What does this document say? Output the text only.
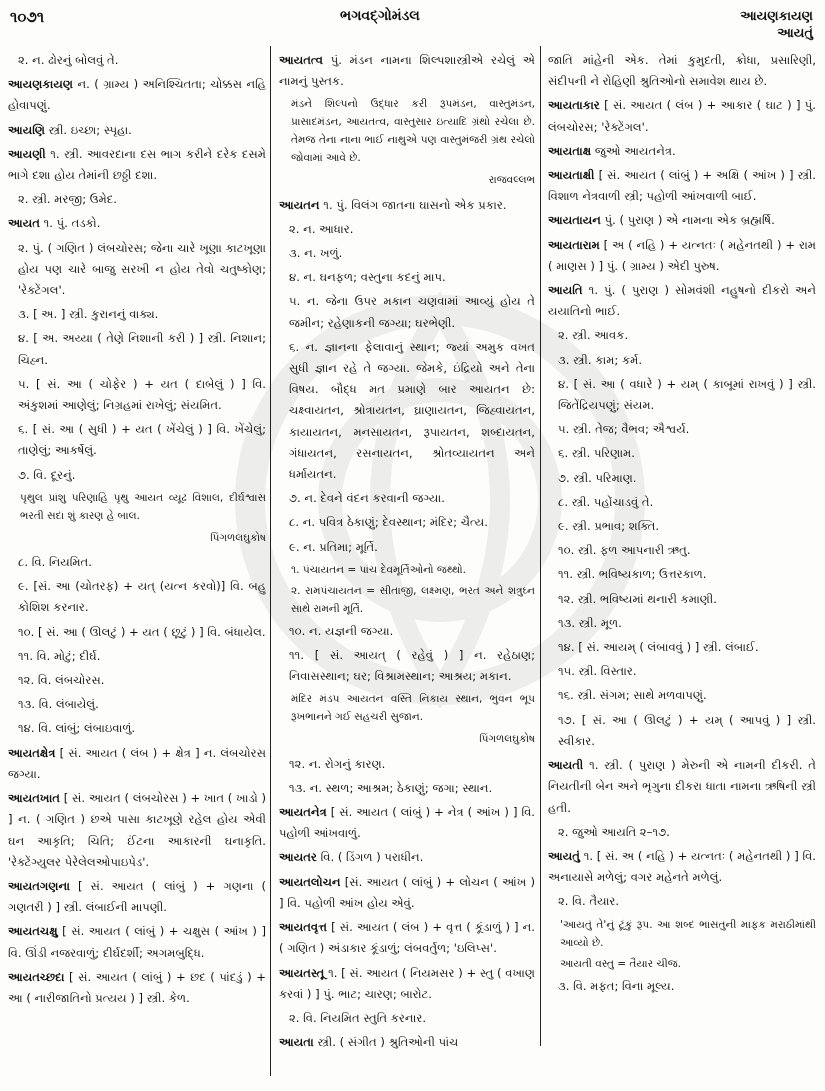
૧૦૭૧	ભગવદ્ગોમંડલ	આયણકાયણ
આયતું
૨. ન. ઢોરનું બોલવું તે.
આયણકાયણ ન. ( ગ્રામ્ય ) અનિશ્ચિતતા; ચોક્કસ નહિ હોવાપણું.
આયણિ સ્ત્રી. ઇચ્છા; સ્પૃહા.
આયણી ૧. સ્ત્રી. આવરદાના દસ ભાગ કરીને દરેક દસમે ભાગે દશા હોય તેમાંની છઠ્ઠી દશા.
૨. સ્ત્રી. મરજી; ઉમેદ.
આયત ૧. પું. તડકો.
૨. પું. ( ગણિત ) લંબચોરસ; જેના ચારે ખૂણા કાટખૂણા હોય પણ ચારે બાજુ સરખી ન હોય તેવો ચતુષ્કોણ; 'રેક્ટેંગલ'.
૩. [ અ. ] સ્ત્રી. કુરાનનું વાક્ય.
૪. [ અ. અય્યા ( તેણે નિશાની કરી ) ] સ્ત્રી. નિશાન; ચિહ્ન.
૫. [ સં. આ ( ચોફેર ) + યત ( દાબેલું ) ] વિ. અંકુશમાં આણેલું; નિગ્રહમાં રાખેલું; સંયમિત.
૬. [ સં. આ ( સુધી ) + યત ( ખેંચેલું ) ] વિ. ખેંચેલું; તાણેલું; આકર્ષેલું.
૭. વિ. દૂરનું.
પૃથુલ પ્રાંશુ પરિણાહિ પૃથુ આયત વ્યૂઢ વિશાલ, દીર્ઘશ્વાસ ભરતી સદા શું કારણ હે બાલ.
પિંગળલઘુકોષ
૮. વિ. નિયમિત.
૯. [સં. આ (ચોતરફ) + યત્ (યત્ન કરવો)] વિ. બહુ કોશિશ કરનાર.
૧૦. [ સં. આ ( ઊલટું ) + યત ( છૂટું ) ] વિ. બંધાયેલ.
૧૧. વિ. મોટું; દીર્ઘ.
૧૨. વિ. લંબચોરસ.
૧૩. વિ. લંબાયેલું.
૧૪. વિ. લાંબું; લંબાઇવાળું.
આયતક્ષેત્ર [ સં. આયત ( લંબ ) + ક્ષેત્ર ] ન. લંબચોરસ જગ્યા.
આયતખાત [ સં. આયત ( લંબચોરસ ) + ખાત ( ખાડો ) ] ન. ( ગણિત ) છએ પાસા કાટખૂણે રહેલ હોય એવી ઘન આકૃતિ; ચિતિ; ઈંટના આકારની ઘનાકૃતિ. 'રેક્ટેંગ્યુલર પેરેલેલઓપાઇપેડ'.
આયતગણના [ સં. આયત ( લાંબું ) + ગણના ( ગણતરી ) ] સ્ત્રી. લંબાઈની માપણી.
આયતચક્ષુ [ સં. આયત ( લાંબું ) + ચક્ષુસ ( આંખ ) ] વિ. ઊંડી નજરવાળું; દીર્ઘદર્શી; અગમબુદ્ધિ.
આયતચ્છદા [ સં. આયત ( લાંબું ) + છદ ( પાંદડું ) + આ ( નારીજાતિનો પ્રત્યય ) ] સ્ત્રી. કેળ.
આયતત્વ પું. મંડન નામના શિલ્પશાસ્ત્રીએ રચેલું એ નામનું પુસ્તક.
મંડને શિલ્પનો ઉદ્ધાર કરી રૂપમંડન, વાસ્તુમંડન, પ્રાસાદમંડન, આયતત્વ, વાસ્તુસાર ઇત્યાદિ ગ્રંથો રચેલા છે. તેમજ તેના નાના ભાઈ નાથુએ પણ વાસ્તુમંજરી ગ્રંથ રચેલો જોવામાં આવે છે.
રાજવલ્લભ
આયતન ૧. પું. વિલંગ જાતના ઘાસનો એક પ્રકાર.
૨. ન. આધાર.
૩. ન. ખળું.
૪. ન. ઘનફળ; વસ્તુના કદનું માપ.
૫. ન. જેના ઉપર મકાન ચણવામાં આવ્યું હોય તે જમીન; રહેણાકની જગ્યા; ઘરભેણી.
૬. ન. જ્ઞાનના ફેલાવાનું સ્થાન; જ્યાં અમુક વખત સુધી જ્ઞાન રહે તે જગ્યા. જેમકે, ઇંદ્રિયો અને તેના વિષય. બૌદ્ધ મત પ્રમાણે બાર આયતન છે: ચક્ષ્વાયતન, શ્રોત્રાયતન, ઘ્રાણાયતન, જિહ્વાયતન, કાયાયતન, મનસાયતન, રૂપાયતન, શબ્દાયતન, ગંધાયતન, રસનાયતન, શ્રોતવ્યાયતન અને ધર્માયતન.
૭. ન. દેવને વંદન કરવાની જગ્યા.
૮. ન. પવિત્ર ઠેકાણું; દેવસ્થાન; મંદિર; ચૈત્ય.
૯. ન. પ્રતિમા; મૂર્તિ.
૧. પંચાયતન = પાંચ દેવમૂર્તિઓનો જથ્થો.
૨. રામપંચાયતન = સીતાજી, લક્ષ્મણ, ભરત અને શત્રુઘ્ન સાથે રામની મૂર્તિ.
૧૦. ન. યજ્ઞની જગ્યા.
૧૧. [ સં. આયત્ ( રહેવું ) ] ન. રહેઠાણ; નિવાસસ્થાન; ઘર; વિશ્રામસ્થાન; આશ્રય; મકાન.
મંદિર મંડપ આયતન વસ્તિ નિકાય સ્થાન, ભુવન ભૂપ રૂખભાનને ગઈ સહચરી સુજાન.
પિંગળલઘુકોષ
૧૨. ન. રોગનું કારણ.
૧૩. ન. સ્થળ; આશ્રમ; ઠેકાણું; જગા; સ્થાન.
આયતનેત્ર [ સં. આયત ( લાંબું ) + નેત્ર ( આંખ ) ] વિ. પહોળી આંખવાળું.
આયતર વિ. ( ડિંગળ ) પરાધીન.
આયતલોચન [સં. આયત ( લાંબું ) + લોચન ( આંખ ) ] વિ. પહોળી આંખ હોય એવું.
આયતવૃત્ત [ સં. આયત ( લંબ ) + વૃત્ત ( કૂંડાળું ) ] ન. ( ગણિત ) અંડાકાર કૂંડાળું; લંબવર્તુળ; 'ઇલિપ્સ'.
આયતસ્તૂ ૧. [ સં. આયત ( નિયમસર ) + સ્તુ ( વખાણ કરવાં ) ] પું. ભાટ; ચારણ; બારોટ.
૨. વિ. નિયમિત સ્તુતિ કરનાર.
આયતા સ્ત્રી. ( સંગીત ) શ્રુતિઓની પાંચ
જાતિ માંહેની એક. તેમાં કુમુદતી, ક્રોધા, પ્રસારિણી, સંદીપની ને રોહિણી શ્રુતિઓનો સમાવેશ થાય છે.
આયતાકાર [ સં. આયત ( લંબ ) + આકાર ( ઘાટ ) ] પું. લંબચોરસ; 'રેક્ટેંગલ'.
આયતાક્ષ જુઓ આયતનેત્ર.
આયતાક્ષી [ સં. આયત ( લાંબું ) + અક્ષિ ( આંખ ) ] સ્ત્રી. વિશાળ નેત્રવાળી સ્ત્રી; પહોળી આંખવાળી બાઈ.
આયતાયન પું. ( પુરાણ ) એ નામના એક બ્રહ્મર્ષિ.
આયતારામ [ અ ( નહિ ) + યત્નતઃ ( મહેનતથી ) + રામ ( માણસ ) ] પું. ( ગ્રામ્ય ) એદી પુરુષ.
આયતિ ૧. પું. ( પુરાણ ) સોમવંશી નહુષનો દીકરો અને યયાતિનો ભાઈ.
૨. સ્ત્રી. આવક.
૩. સ્ત્રી. કામ; કર્મ.
૪. [ સં. આ ( વધારે ) + યમ્ ( કાબૂમાં રાખવું ) ] સ્ત્રી. જિતેંદ્રિયપણું; સંયમ.
૫. સ્ત્રી. તેજ; વૈભવ; ઐશ્વર્ય.
૬. સ્ત્રી. પરિણામ.
૭. સ્ત્રી. પરિમાણ.
૮. સ્ત્રી. પહોંચાડવું તે.
૯. સ્ત્રી. પ્રભાવ; શક્તિ.
૧૦. સ્ત્રી. ફળ આપનારી ઋતુ.
૧૧. સ્ત્રી. ભવિષ્યકાળ; ઉત્તરકાળ.
૧૨. સ્ત્રી. ભવિષ્યમાં થનારી કમાણી.
૧૩. સ્ત્રી. મૂળ.
૧૪. [ સં. આયમ્ ( લંબાવવું ) ] સ્ત્રી. લંબાઈ.
૧૫. સ્ત્રી. વિસ્તાર.
૧૬. સ્ત્રી. સંગમ; સાથે મળવાપણું.
૧૭. [ સં. આ ( ઊલટું ) + યમ્ ( આપવું ) ] સ્ત્રી. સ્વીકાર.
આયતી ૧. સ્ત્રી. ( પુરાણ ) મેરુની એ નામની દીકરી. તે નિયતીની બેન અને ભૃગુના દીકરા ધાતા નામના ઋષિની સ્ત્રી હતી.
૨. જુઓ આયતિ ૨–૧૭.
આયતું ૧. [ સં. અ ( નહિ ) + યત્નતઃ ( મહેનતથી ) ] વિ. અનાયાસે મળેલું; વગર મહેનતે મળેલું.
૨. વિ. તૈયાર.
'આયતું તે'નું ટૂંકું રૂપ. આ શબ્દ ભાસતુની માફક મરાઠીમાંથી આવ્યો છે.
આયતી વસ્તુ = તૈયાર ચીજ.
૩. વિ. મફત; વિના મૂલ્ય.
